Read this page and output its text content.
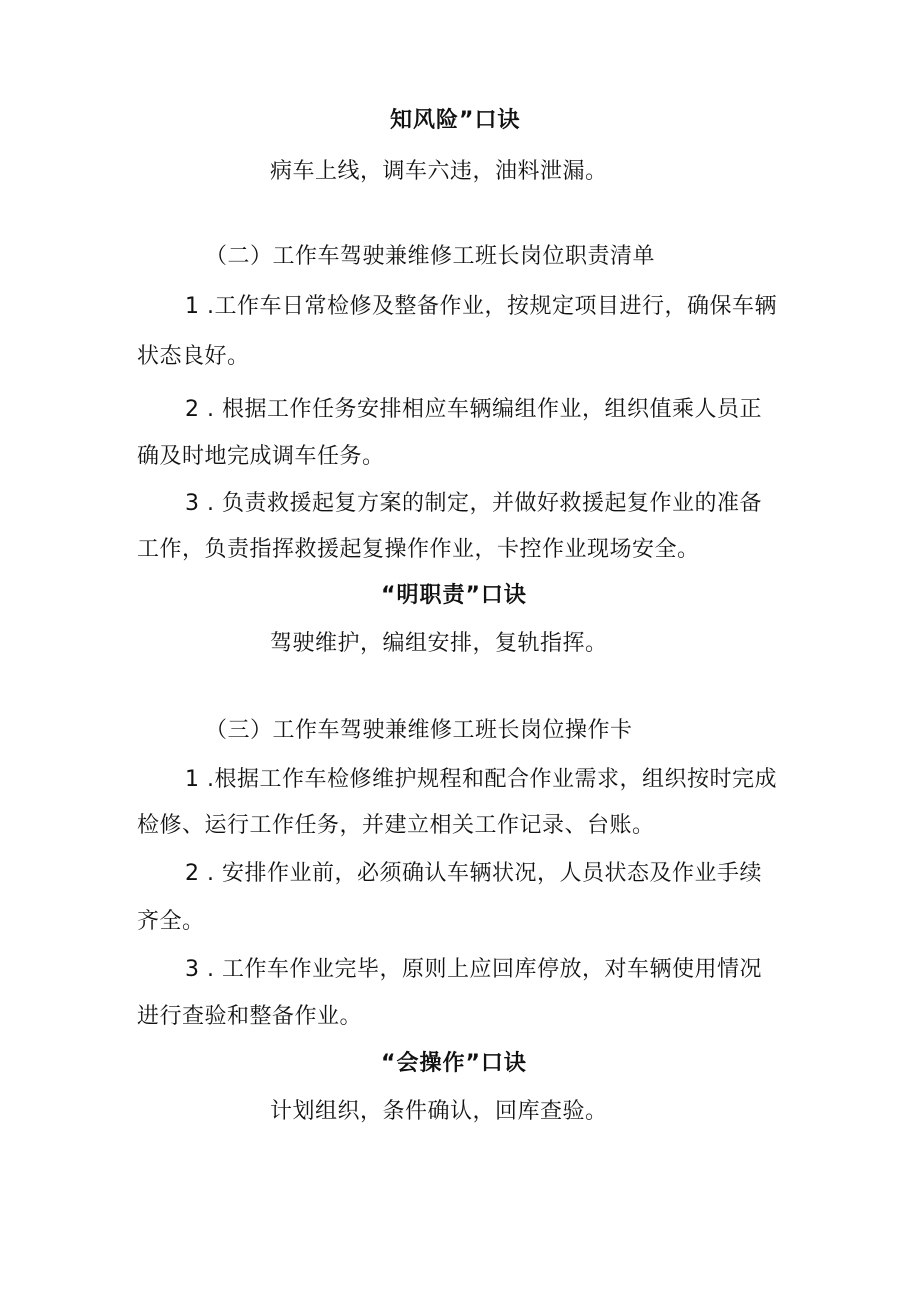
知风险”口诀
病车上线，调车六违，油料泄漏。
（二）工作车驾驶兼维修工班长岗位职责清单
1 .工作车日常检修及整备作业，按规定项目进行，确保车辆
状态良好。
2 . 根据工作任务安排相应车辆编组作业，组织值乘人员正
确及时地完成调车任务。
3 . 负责救援起复方案的制定，并做好救援起复作业的准备
工作，负责指挥救援起复操作作业，卡控作业现场安全。
“明职责”口诀
驾驶维护，编组安排，复轨指挥。
（三）工作车驾驶兼维修工班长岗位操作卡
1 .根据工作车检修维护规程和配合作业需求，组织按时完成
检修、运行工作任务，并建立相关工作记录、台账。
2 . 安排作业前，必须确认车辆状况，人员状态及作业手续
齐全。
3 . 工作车作业完毕，原则上应回库停放，对车辆使用情况
进行查验和整备作业。
“会操作”口诀
计划组织，条件确认，回库查验。
